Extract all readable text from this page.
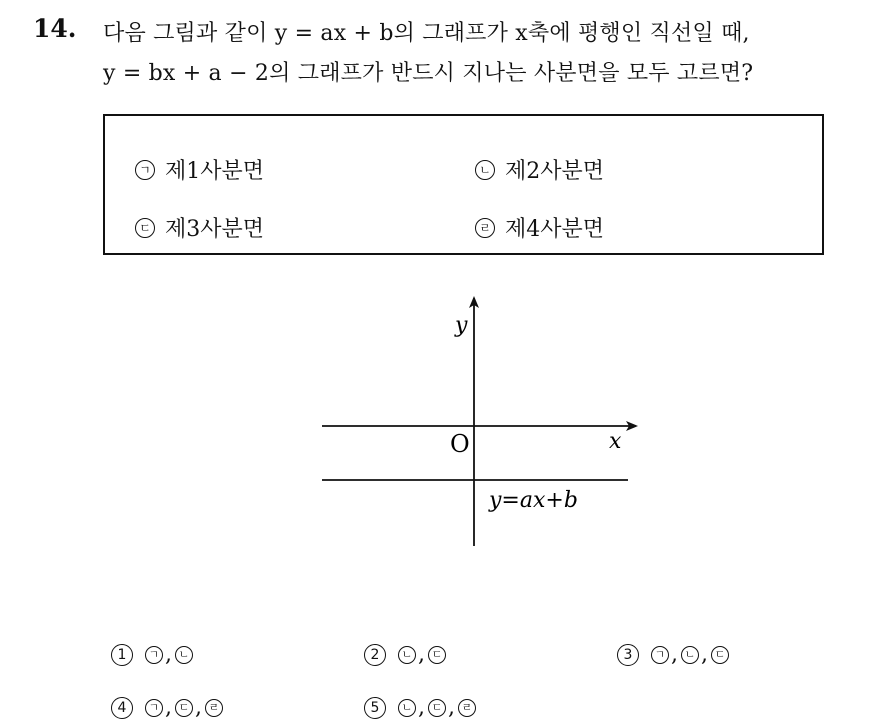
14. 다음 그림과 같이 y = ax + b의 그래프가 x축에 평행인 직선일 때,
y = bx + a − 2의 그래프가 반드시 지나는 사분면을 모두 고르면?
ㄱ 제1사분면	ㄴ 제2사분면
ㄷ 제3사분면	ㄹ 제4사분면
y
x
O
y=ax+b
1	ㄱ , ㄴ	2	ㄴ , ㄷ	3	ㄱ , ㄴ , ㄷ
4	ㄱ , ㄷ , ㄹ	5	ㄴ , ㄷ , ㄹ
